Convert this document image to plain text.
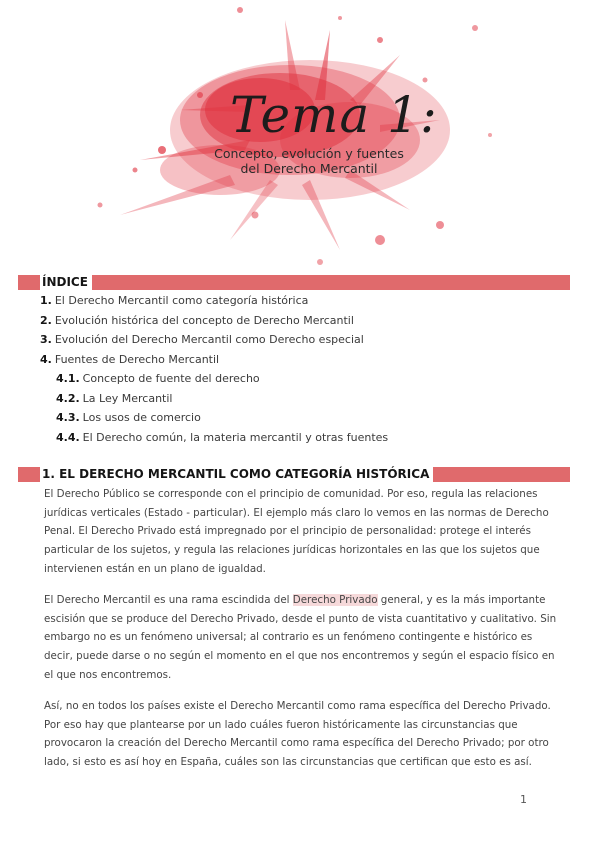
Tema 1:
Concepto, evolución y fuentes
del Derecho Mercantil
ÍNDICE
1. El Derecho Mercantil como categoría histórica
2. Evolución histórica del concepto de Derecho Mercantil
3. Evolución del Derecho Mercantil como Derecho especial
4. Fuentes de Derecho Mercantil
4.1. Concepto de fuente del derecho
4.2. La Ley Mercantil
4.3. Los usos de comercio
4.4. El Derecho común, la materia mercantil y otras fuentes
1. EL DERECHO MERCANTIL COMO CATEGORÍA HISTÓRICA

El Derecho Público se corresponde con el principio de comunidad. Por eso, regula las relaciones jurídicas verticales (Estado - particular). El ejemplo más claro lo vemos en las normas de Derecho Penal. El Derecho Privado está impregnado por el principio de personalidad: protege el interés particular de los sujetos, y regula las relaciones jurídicas horizontales en las que los sujetos que intervienen están en un plano de igualdad.

El Derecho Mercantil es una rama escindida del Derecho Privado general, y es la más importante escisión que se produce del Derecho Privado, desde el punto de vista cuantitativo y cualitativo. Sin embargo no es un fenómeno universal; al contrario es un fenómeno contingente e histórico es decir, puede darse o no según el momento en el que nos encontremos y según el espacio físico en el que nos encontremos.

Así, no en todos los países existe el Derecho Mercantil como rama específica del Derecho Privado. Por eso hay que plantearse por un lado cuáles fueron históricamente las circunstancias que provocaron la creación del Derecho Mercantil como rama específica del Derecho Privado; por otro lado, si esto es así hoy en España, cuáles son las circunstancias que certifican que esto es así.

1
